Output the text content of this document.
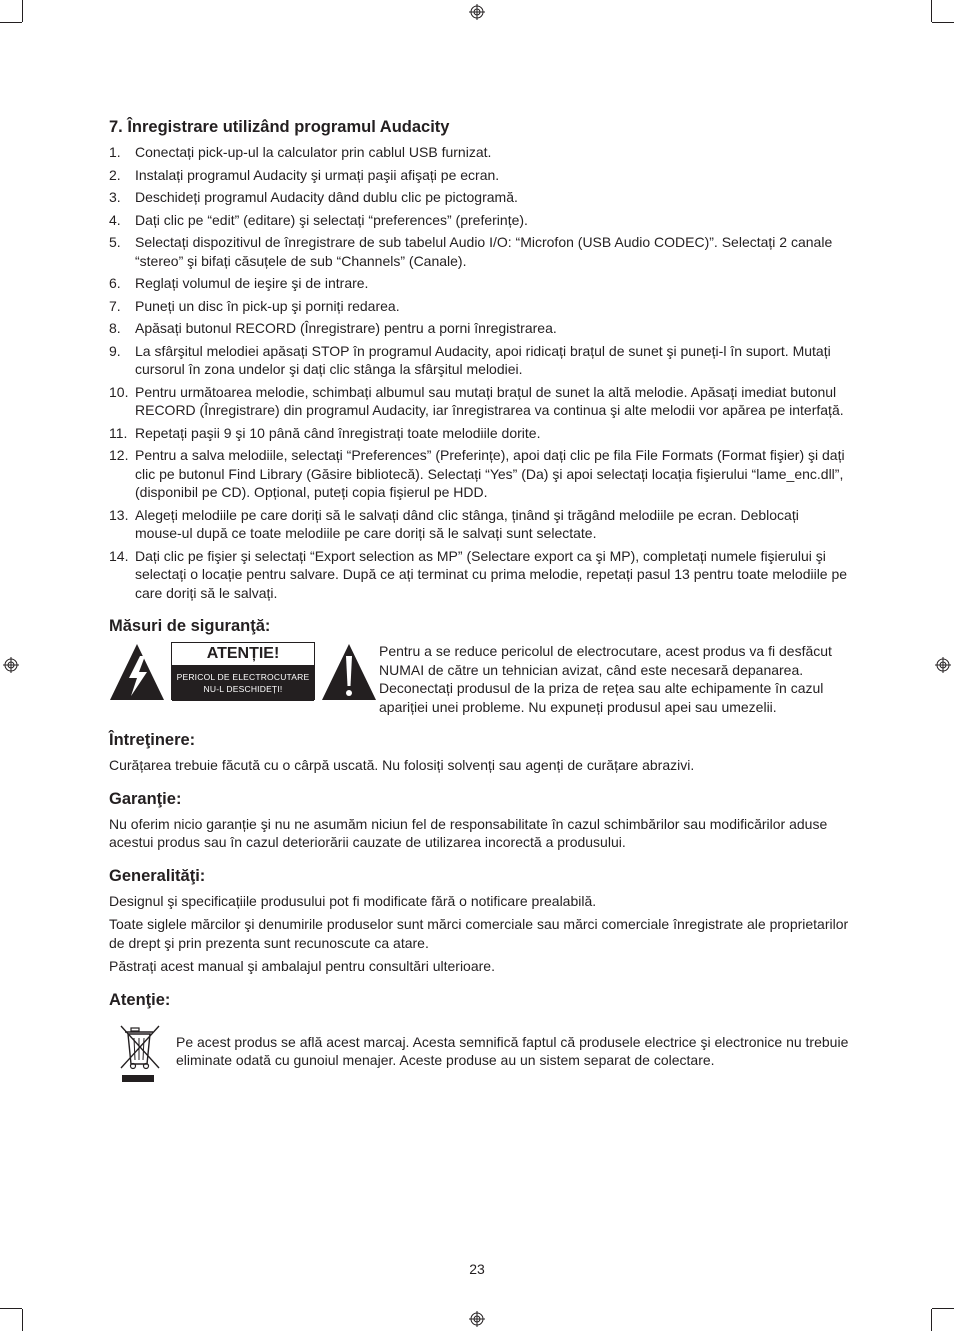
7. Înregistrare utilizând programul Audacity
1. Conectați pick-up-ul la calculator prin cablul USB furnizat.
2. Instalați programul Audacity şi urmați paşii afişați pe ecran.
3. Deschideți programul Audacity dând dublu clic pe pictogramă.
4. Dați clic pe “edit” (editare) şi selectați “preferences” (preferințe).
5. Selectați dispozitivul de înregistrare de sub tabelul Audio I/O: “Microfon (USB Audio CODEC)”. Selectați 2 canale “stereo” şi bifați căsuțele de sub “Channels” (Canale).
6. Reglați volumul de ieşire şi de intrare.
7. Puneți un disc în pick-up şi porniți redarea.
8. Apăsați butonul RECORD (Înregistrare) pentru a porni înregistrarea.
9. La sfârşitul melodiei apăsați STOP în programul Audacity, apoi ridicați brațul de sunet şi puneți-l în suport. Mutați cursorul în zona undelor şi dați clic stânga la sfârşitul melodiei.
10. Pentru următoarea melodie, schimbați albumul sau mutați brațul de sunet la altă melodie. Apăsați imediat butonul RECORD (Înregistrare) din programul Audacity, iar înregistrarea va continua şi alte melodii vor apărea pe interfață.
11. Repetați paşii 9 şi 10 până când înregistrați toate melodiile dorite.
12. Pentru a salva melodiile, selectați “Preferences” (Preferințe), apoi dați clic pe fila File Formats (Format fişier) şi dați clic pe butonul Find Library (Găsire bibliotecă). Selectați “Yes” (Da) şi apoi selectați locația fişierului “lame_enc.dll”, (disponibil pe CD). Opțional, puteți copia fişierul pe HDD.
13. Alegeți melodiile pe care doriți să le salvați dând clic stânga, ținând şi trăgând melodiile pe ecran. Deblocați mouse-ul după ce toate melodiile pe care doriți să le salvați sunt selectate.
14. Dați clic pe fişier şi selectați “Export selection as MP” (Selectare export ca şi MP), completați numele fişierului şi selectați o locație pentru salvare. După ce ați terminat cu prima melodie, repetați pasul 13 pentru toate melodiile pe care doriți să le salvați.
Măsuri de siguranţă:
ATENȚIE!
PERICOL DE ELECTROCUTARE
NU-L DESCHIDEȚI!

Pentru a se reduce pericolul de electrocutare, acest produs va fi desfăcut NUMAI de către un tehnician avizat, când este necesară depanarea. Deconectați produsul de la priza de rețea sau alte echipamente în cazul apariției unei probleme. Nu expuneți produsul apei sau umezelii.

Întreţinere:

Curățarea trebuie făcută cu o cârpă uscată. Nu folosiți solvenți sau agenți de curățare abrazivi.

Garanţie:

Nu oferim nicio garanție şi nu ne asumăm niciun fel de responsabilitate în cazul schimbărilor sau modificărilor aduse acestui produs sau în cazul deteriorării cauzate de utilizarea incorectă a produsului.

Generalităţi:

Designul şi specificațiile produsului pot fi modificate fără o notificare prealabilă.

Toate siglele mărcilor şi denumirile produselor sunt mărci comerciale sau mărci comerciale înregistrate ale proprietarilor de drept şi prin prezenta sunt recunoscute ca atare.

Păstrați acest manual şi ambalajul pentru consultări ulterioare.

Atenţie:

Pe acest produs se află acest marcaj. Acesta semnifică faptul că produsele electrice şi electronice nu trebuie eliminate odată cu gunoiul menajer. Aceste produse au un sistem separat de colectare.

23
